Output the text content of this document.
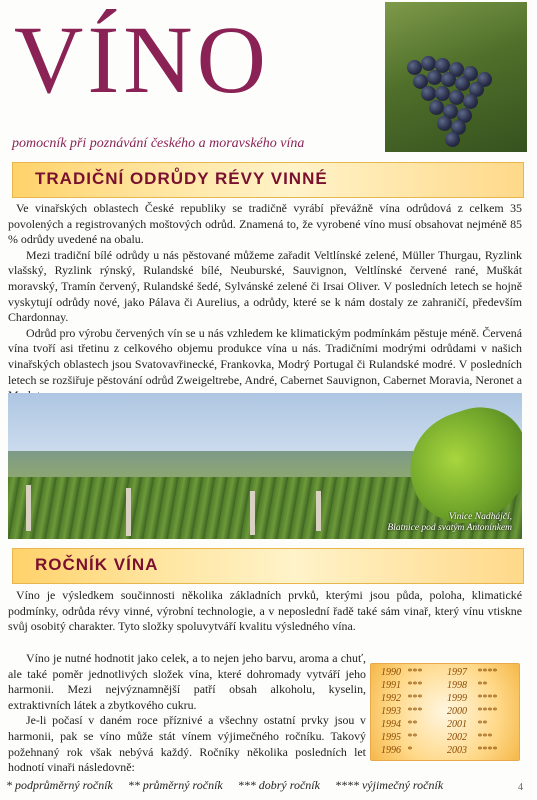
VÍNO
pomocník při poznávání českého a moravského vína
TRADIČNÍ ODRŮDY RÉVY VINNÉ

Ve vinařských oblastech České republiky se tradičně vyrábí převážně vína odrůdová z celkem 35 povolených a registrovaných moštových odrůd. Znamená to, že vyrobené víno musí obsahovat nejméně 85 % odrůdy uvedené na obalu.

Mezi tradiční bílé odrůdy u nás pěstované můžeme zařadit Veltlínské zelené, Müller Thurgau, Ryzlink vlašský, Ryzlink rýnský, Rulandské bílé, Neuburské, Sauvignon, Veltlínské červené rané, Muškát moravský, Tramín červený, Rulandské šedé, Sylvánské zelené či Irsai Oliver. V posledních letech se hojně vyskytují odrůdy nové, jako Pálava či Aurelius, a odrůdy, které se k nám dostaly ze zahraničí, především Chardonnay.

Odrůd pro výrobu červených vín se u nás vzhledem ke klimatickým podmínkám pěstuje méně. Červená vína tvoří asi třetinu z celkového objemu produkce vína u nás. Tradičními modrými odrůdami v našich vinařských oblastech jsou Svatovavřinecké, Frankovka, Modrý Portugal či Rulandské modré. V posledních letech se rozšiřuje pěstování odrůd Zweigeltrebe, André, Cabernet Sauvignon, Cabernet Moravia, Neronet a

Vinice Nadhájčí,
Blatnice pod svatým Antonínkem
ROČNÍK VÍNA

Víno je výsledkem součinnosti několika základních prvků, kterými jsou půda, poloha, klimatické podmínky, odrůda révy vinné, výrobní technologie, a v neposlední řadě také sám vinař, který vínu vtiskne svůj osobitý charakter. Tyto složky spoluvytváří kvalitu výsledného vína.

Víno je nutné hodnotit jako celek, a to nejen jeho barvu, aroma a chuť, ale také poměr jednotlivých složek vína, které dohromady vytváří jeho harmonii. Mezi nejvýznamnější patří obsah alkoholu, kyselin, extraktivních látek a zbytkového cukru.

Je-li počasí v daném roce příznivé a všechny ostatní prvky jsou v harmonii, pak se víno může stát vínem výjimečného ročníku. Takový požehnaný rok však nebývá každý. Ročníky několika posledních let hodnotí vinaři následovně:

1990 ***	1997 ****
1991 ***	1998 **
1992 ***	1999 ****
1993 ***	2000 ****
1994 **	2001 **
1995 **	2002 ***
1996 *	2003 ****
* podprůměrný ročník ** průměrný ročník *** dobrý ročník **** výjimečný ročník	4
